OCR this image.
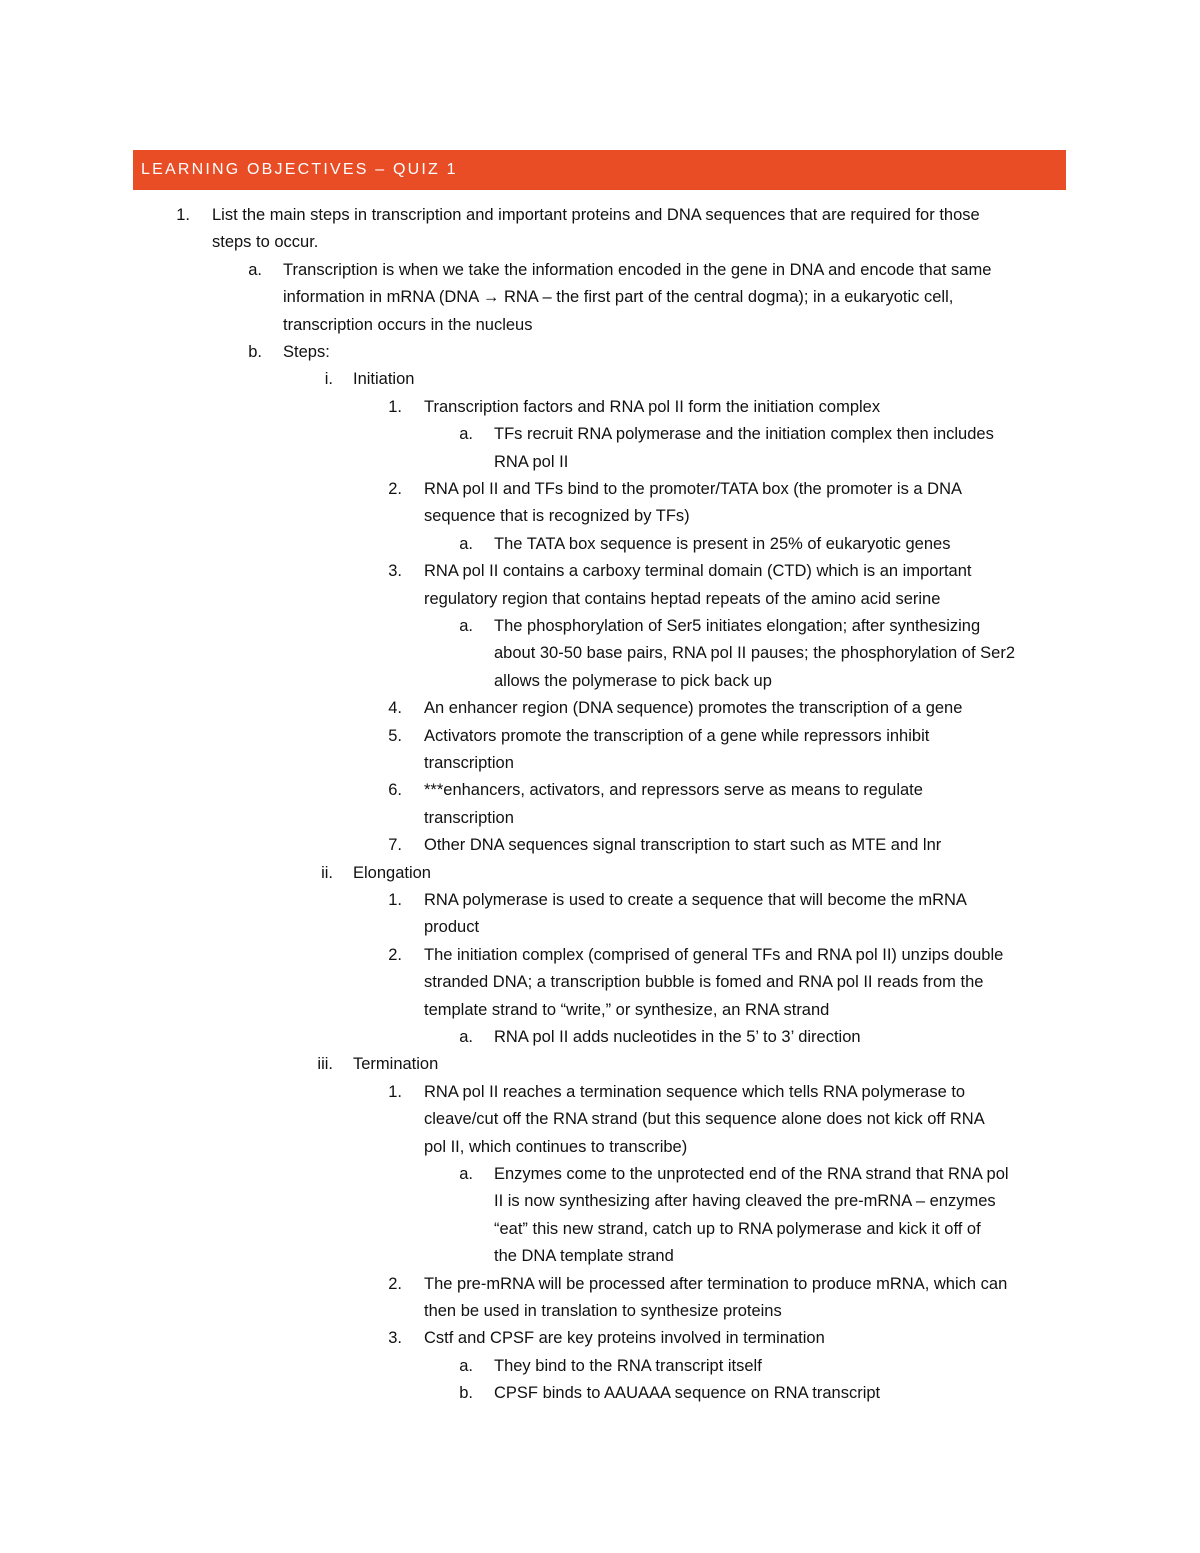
LEARNING OBJECTIVES – QUIZ 1
1. List the main steps in transcription and important proteins and DNA sequences that are required for those
steps to occur.
a. Transcription is when we take the information encoded in the gene in DNA and encode that same
information in mRNA (DNA → RNA – the first part of the central dogma); in a eukaryotic cell,
transcription occurs in the nucleus
b. Steps:
i. Initiation
1. Transcription factors and RNA pol II form the initiation complex
a. TFs recruit RNA polymerase and the initiation complex then includes
RNA pol II
2. RNA pol II and TFs bind to the promoter/TATA box (the promoter is a DNA
sequence that is recognized by TFs)
a. The TATA box sequence is present in 25% of eukaryotic genes
3. RNA pol II contains a carboxy terminal domain (CTD) which is an important
regulatory region that contains heptad repeats of the amino acid serine
a. The phosphorylation of Ser5 initiates elongation; after synthesizing
about 30-50 base pairs, RNA pol II pauses; the phosphorylation of Ser2
allows the polymerase to pick back up
4. An enhancer region (DNA sequence) promotes the transcription of a gene
5. Activators promote the transcription of a gene while repressors inhibit
transcription
6. ***enhancers, activators, and repressors serve as means to regulate
transcription
7. Other DNA sequences signal transcription to start such as MTE and lnr
ii. Elongation
1. RNA polymerase is used to create a sequence that will become the mRNA
product
2. The initiation complex (comprised of general TFs and RNA pol II) unzips double
stranded DNA; a transcription bubble is fomed and RNA pol II reads from the
template strand to “write,” or synthesize, an RNA strand
a. RNA pol II adds nucleotides in the 5’ to 3’ direction
iii. Termination
1. RNA pol II reaches a termination sequence which tells RNA polymerase to
cleave/cut off the RNA strand (but this sequence alone does not kick off RNA
pol II, which continues to transcribe)
a. Enzymes come to the unprotected end of the RNA strand that RNA pol
II is now synthesizing after having cleaved the pre-mRNA – enzymes
“eat” this new strand, catch up to RNA polymerase and kick it off of
the DNA template strand
2. The pre-mRNA will be processed after termination to produce mRNA, which can
then be used in translation to synthesize proteins
3. Cstf and CPSF are key proteins involved in termination
a. They bind to the RNA transcript itself
b. CPSF binds to AAUAAA sequence on RNA transcript
